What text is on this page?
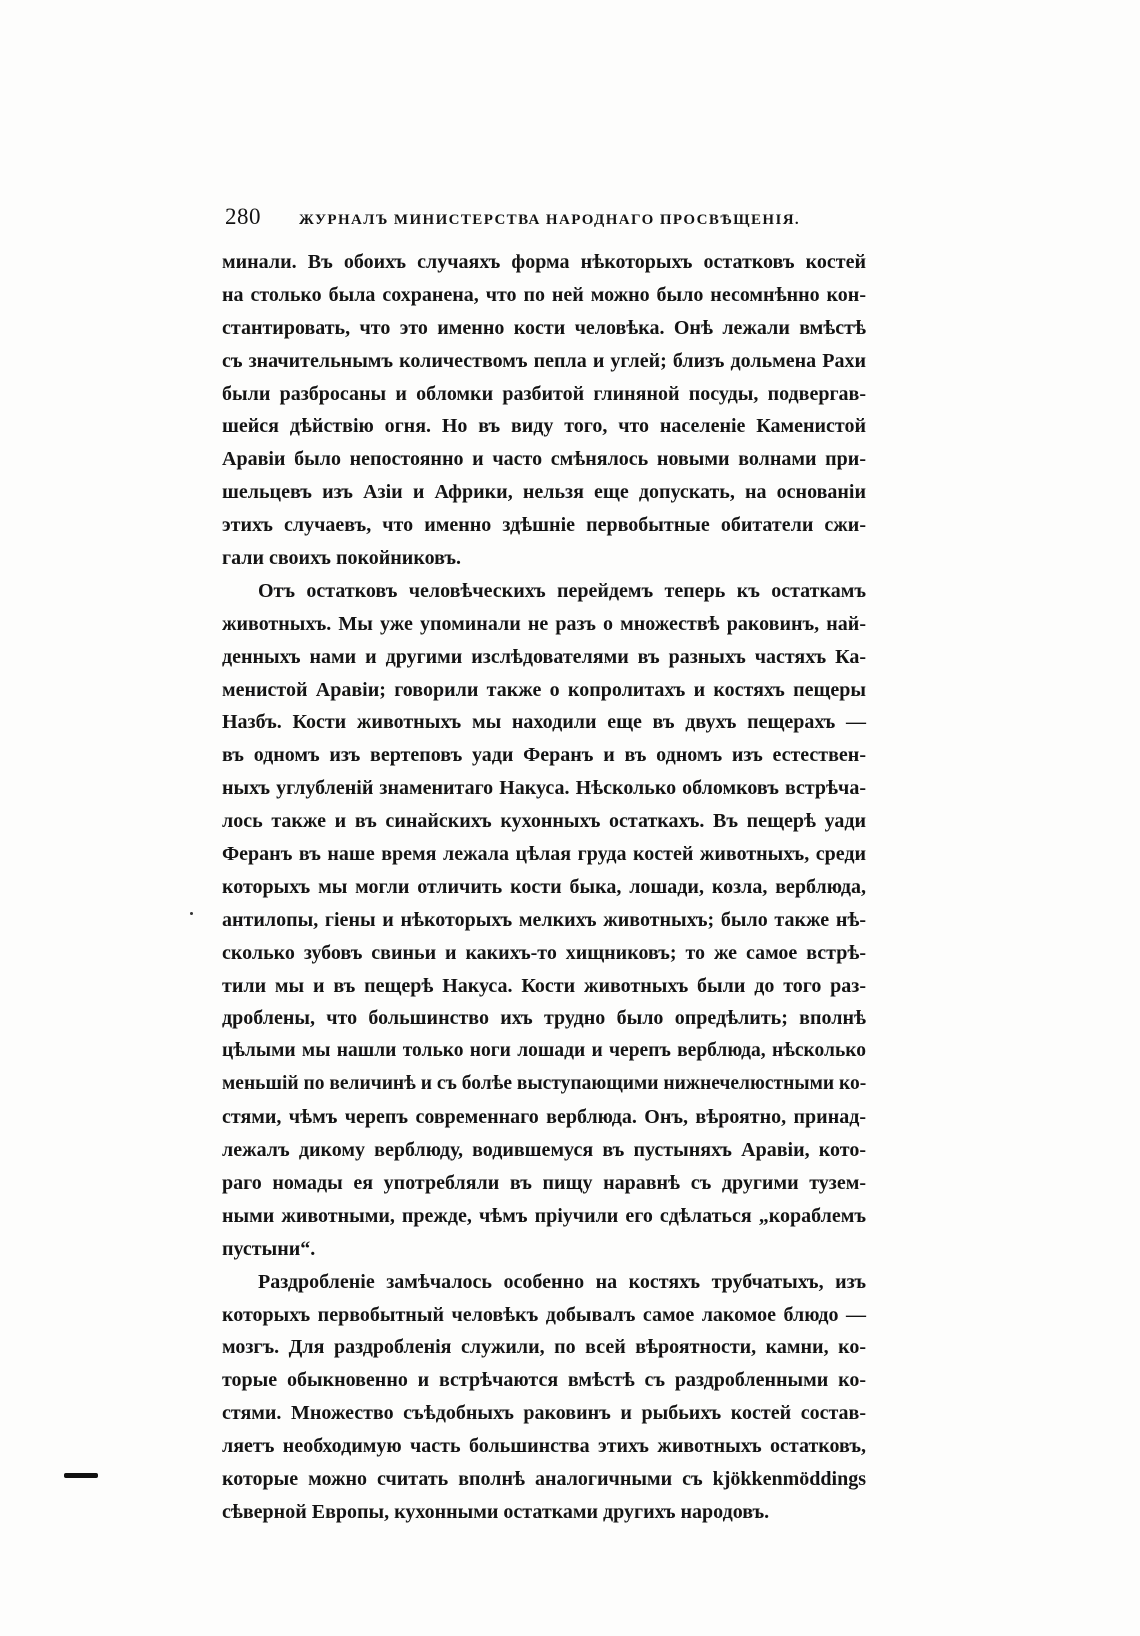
280	ЖУРНАЛЪ МИНИСТЕРСТВА НАРОДНАГО ПРОСВѢЩЕНІЯ.
минали. Въ обоихъ случаяхъ форма нѣкоторыхъ остатковъ костей
на столько была сохранена, что по ней можно было несомнѣнно кон-
стантировать, что это именно кости человѣка. Онѣ лежали вмѣстѣ
съ значительнымъ количествомъ пепла и углей; близъ дольмена Рахи
были разбросаны и обломки разбитой глиняной посуды, подвергав-
шейся дѣйствію огня. Но въ виду того, что населеніе Каменистой
Аравіи было непостоянно и часто смѣнялось новыми волнами при-
шельцевъ изъ Азіи и Африки, нельзя еще допускать, на основаніи
этихъ случаевъ, что именно здѣшніе первобытные обитатели сжи-
гали своихъ покойниковъ.
Отъ остатковъ человѣческихъ перейдемъ теперь къ остаткамъ
животныхъ. Мы уже упоминали не разъ о множествѣ раковинъ, най-
денныхъ нами и другими изслѣдователями въ разныхъ частяхъ Ка-
менистой Аравіи; говорили также о копролитахъ и костяхъ пещеры
Назбъ. Кости животныхъ мы находили еще въ двухъ пещерахъ —
въ одномъ изъ вертеповъ уади Феранъ и въ одномъ изъ естествен-
ныхъ углубленій знаменитаго Накуса. Нѣсколько обломковъ встрѣча-
лось также и въ синайскихъ кухонныхъ остаткахъ. Въ пещерѣ уади
Феранъ въ наше время лежала цѣлая груда костей животныхъ, среди
которыхъ мы могли отличить кости быка, лошади, козла, верблюда,
антилопы, гіены и нѣкоторыхъ мелкихъ животныхъ; было также нѣ-
сколько зубовъ свиньи и какихъ-то хищниковъ; то же самое встрѣ-
тили мы и въ пещерѣ Накуса. Кости животныхъ были до того раз-
дроблены, что большинство ихъ трудно было опредѣлить; вполнѣ
цѣлыми мы нашли только ноги лошади и черепъ верблюда, нѣсколько
меньшій по величинѣ и съ болѣе выступающими нижнечелюстными ко-
стями, чѣмъ черепъ современнаго верблюда. Онъ, вѣроятно, принад-
лежалъ дикому верблюду, водившемуся въ пустыняхъ Аравіи, кото-
раго номады ея употребляли въ пищу наравнѣ съ другими тузем-
ными животными, прежде, чѣмъ пріучили его сдѣлаться „кораблемъ
пустыни“.
Раздробленіе замѣчалось особенно на костяхъ трубчатыхъ, изъ
которыхъ первобытный человѣкъ добывалъ самое лакомое блюдо —
мозгъ. Для раздробленія служили, по всей вѣроятности, камни, ко-
торые обыкновенно и встрѣчаются вмѣстѣ съ раздробленными ко-
стями. Множество съѣдобныхъ раковинъ и рыбьихъ костей состав-
ляетъ необходимую часть большинства этихъ животныхъ остатковъ,
которые можно считать вполнѣ аналогичными съ kjökkenmöddings
сѣверной Европы, кухонными остатками другихъ народовъ.
